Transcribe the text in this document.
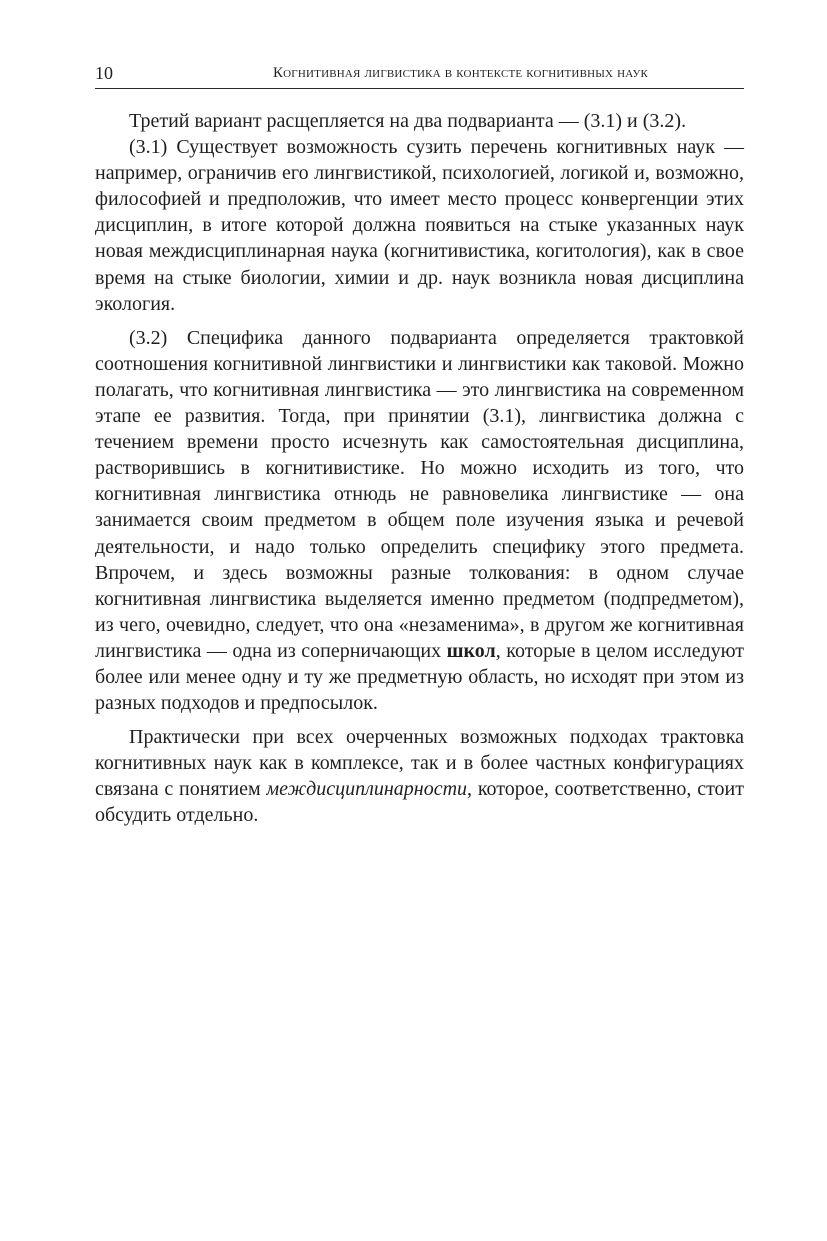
10	Когнитивная лигвистика в контексте когнитивных наук

Третий вариант расщепляется на два подварианта — (3.1) и (3.2).

(3.1) Существует возможность сузить перечень когнитивных наук — например, ограничив его лингвистикой, психологией, логикой и, возможно, философией и предположив, что имеет место процесс конвергенции этих дисциплин, в итоге которой должна появиться на стыке указанных наук новая междисциплинарная наука (когнитивистика, когитология), как в свое время на стыке биологии, химии и др. наук возникла новая дисциплина экология.

(3.2) Специфика данного подварианта определяется трактовкой соотношения когнитивной лингвистики и лингвистики как таковой. Можно полагать, что когнитивная лингвистика — это лингвистика на современном этапе ее развития. Тогда, при принятии (3.1), лингвистика должна с течением времени просто исчезнуть как самостоятельная дисциплина, растворившись в когнитивистике. Но можно исходить из того, что когнитивная лингвистика отнюдь не равновелика лингвистике — она занимается своим предметом в общем поле изучения языка и речевой деятельности, и надо только определить специфику этого предмета. Впрочем, и здесь возможны разные толкования: в одном случае когнитивная лингвистика выделяется именно предметом (подпредметом), из чего, очевидно, следует, что она «незаменима», в другом же когнитивная лингвистика — одна из соперничающих школ, которые в целом исследуют более или менее одну и ту же предметную область, но исходят при этом из разных подходов и предпосылок.

Практически при всех очерченных возможных подходах трактовка когнитивных наук как в комплексе, так и в более частных конфигурациях связана с понятием междисциплинарности, которое, соответственно, стоит обсудить отдельно.
